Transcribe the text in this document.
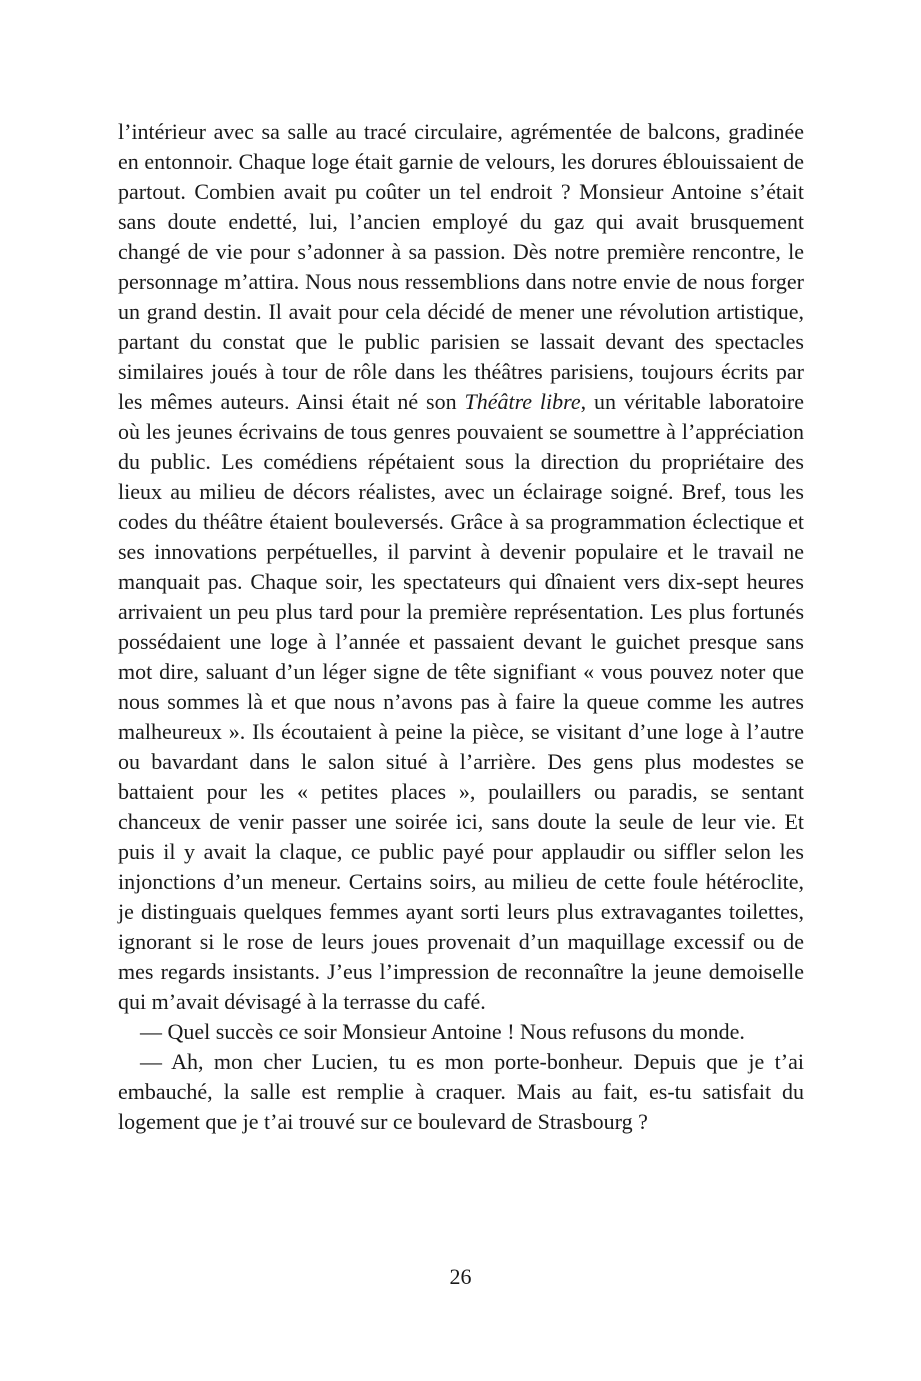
l’intérieur avec sa salle au tracé circulaire, agrémentée de balcons, gradinée en entonnoir. Chaque loge était garnie de velours, les dorures éblouissaient de partout. Combien avait pu coûter un tel endroit ? Monsieur Antoine s’était sans doute endetté, lui, l’ancien employé du gaz qui avait brusquement changé de vie pour s’adonner à sa passion. Dès notre première rencontre, le personnage m’attira. Nous nous ressemblions dans notre envie de nous forger un grand destin. Il avait pour cela décidé de mener une révolution artistique, partant du constat que le public parisien se lassait devant des spectacles similaires joués à tour de rôle dans les théâtres parisiens, toujours écrits par les mêmes auteurs. Ainsi était né son Théâtre libre, un véritable laboratoire où les jeunes écrivains de tous genres pouvaient se soumettre à l’appréciation du public. Les comédiens répétaient sous la direction du propriétaire des lieux au milieu de décors réalistes, avec un éclairage soigné. Bref, tous les codes du théâtre étaient bouleversés. Grâce à sa programmation éclectique et ses innovations perpétuelles, il parvint à devenir populaire et le travail ne manquait pas. Chaque soir, les spectateurs qui dînaient vers dix-sept heures arrivaient un peu plus tard pour la première représentation. Les plus fortunés possédaient une loge à l’année et passaient devant le guichet presque sans mot dire, saluant d’un léger signe de tête signifiant « vous pouvez noter que nous sommes là et que nous n’avons pas à faire la queue comme les autres malheureux ». Ils écoutaient à peine la pièce, se visitant d’une loge à l’autre ou bavardant dans le salon situé à l’arrière. Des gens plus modestes se battaient pour les « petites places », poulaillers ou paradis, se sentant chanceux de venir passer une soirée ici, sans doute la seule de leur vie. Et puis il y avait la claque, ce public payé pour applaudir ou siffler selon les injonctions d’un meneur. Certains soirs, au milieu de cette foule hétéroclite, je distinguais quelques femmes ayant sorti leurs plus extravagantes toilettes, ignorant si le rose de leurs joues provenait d’un maquillage excessif ou de mes regards insistants. J’eus l’impression de reconnaître la jeune demoiselle qui m’avait dévisagé à la terrasse du café.

— Quel succès ce soir Monsieur Antoine ! Nous refusons du monde.

— Ah, mon cher Lucien, tu es mon porte-bonheur. Depuis que je t’ai embauché, la salle est remplie à craquer. Mais au fait, es-tu satisfait du logement que je t’ai trouvé sur ce boulevard de Strasbourg ?

26
